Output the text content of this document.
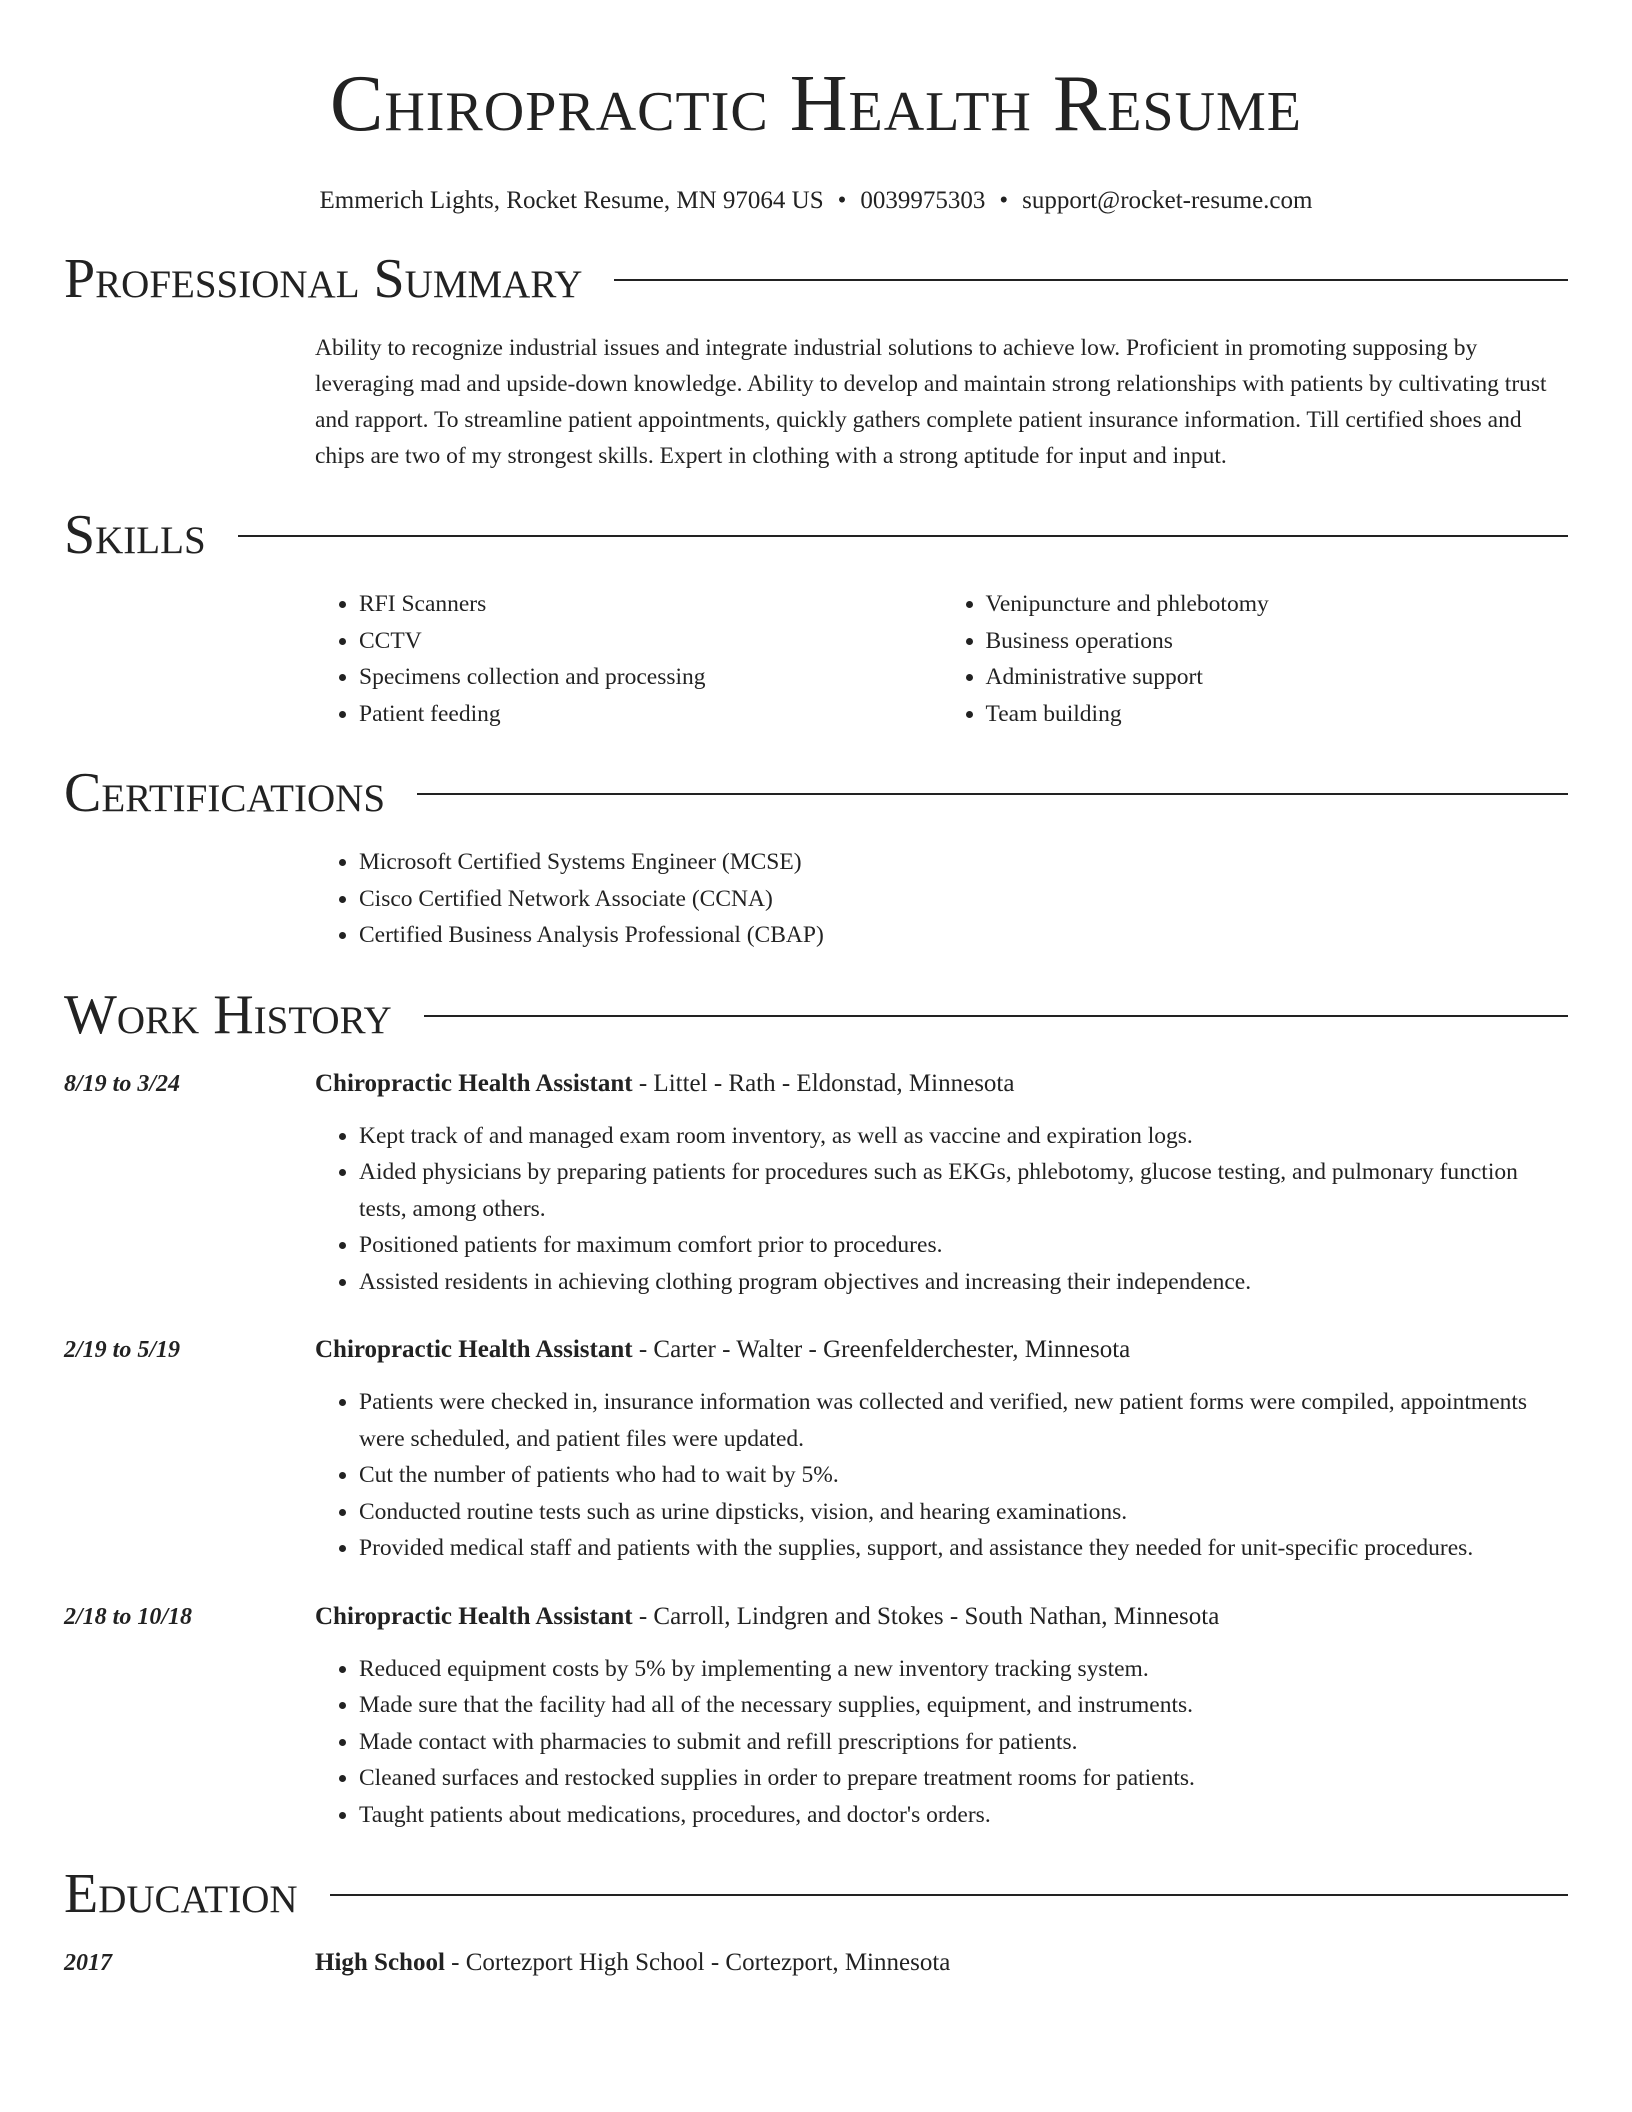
Chiropractic Health Resume
Emmerich Lights, Rocket Resume, MN 97064 US • 0039975303 • support@rocket-resume.com
Professional Summary
Ability to recognize industrial issues and integrate industrial solutions to achieve low. Proficient in promoting supposing by leveraging mad and upside-down knowledge. Ability to develop and maintain strong relationships with patients by cultivating trust and rapport. To streamline patient appointments, quickly gathers complete patient insurance information. Till certified shoes and chips are two of my strongest skills. Expert in clothing with a strong aptitude for input and input.
Skills
• RFI Scanners
• CCTV
• Specimens collection and processing
• Patient feeding
• Venipuncture and phlebotomy
• Business operations
• Administrative support
• Team building
Certifications
• Microsoft Certified Systems Engineer (MCSE)
• Cisco Certified Network Associate (CCNA)
• Certified Business Analysis Professional (CBAP)
Work History
8/19 to 3/24	Chiropractic Health Assistant - Littel - Rath - Eldonstad, Minnesota
• Kept track of and managed exam room inventory, as well as vaccine and expiration logs.
• Aided physicians by preparing patients for procedures such as EKGs, phlebotomy, glucose testing, and pulmonary function tests, among others.
• Positioned patients for maximum comfort prior to procedures.
• Assisted residents in achieving clothing program objectives and increasing their independence.
2/19 to 5/19	Chiropractic Health Assistant - Carter - Walter - Greenfelderchester, Minnesota
• Patients were checked in, insurance information was collected and verified, new patient forms were compiled, appointments were scheduled, and patient files were updated.
• Cut the number of patients who had to wait by 5%.
• Conducted routine tests such as urine dipsticks, vision, and hearing examinations.
• Provided medical staff and patients with the supplies, support, and assistance they needed for unit-specific procedures.
2/18 to 10/18	Chiropractic Health Assistant - Carroll, Lindgren and Stokes - South Nathan, Minnesota
• Reduced equipment costs by 5% by implementing a new inventory tracking system.
• Made sure that the facility had all of the necessary supplies, equipment, and instruments.
• Made contact with pharmacies to submit and refill prescriptions for patients.
• Cleaned surfaces and restocked supplies in order to prepare treatment rooms for patients.
• Taught patients about medications, procedures, and doctor's orders.
Education
2017	High School - Cortezport High School - Cortezport, Minnesota
